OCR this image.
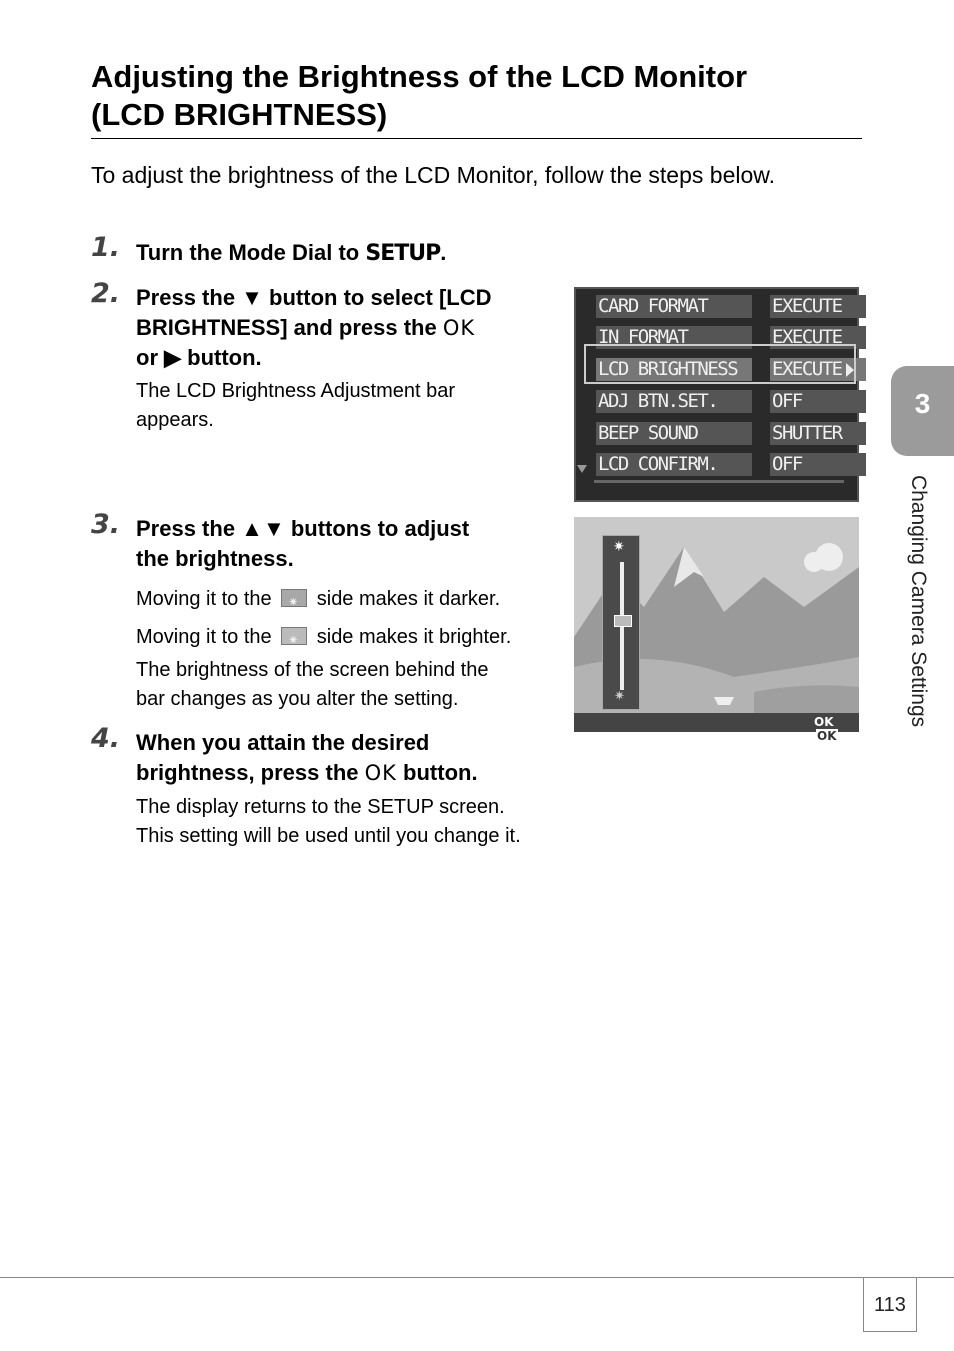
Adjusting the Brightness of the LCD Monitor
(LCD BRIGHTNESS)
To adjust the brightness of the LCD Monitor, follow the steps below.
1. Turn the Mode Dial to SETUP.
2. Press the ▼ button to select [LCD
BRIGHTNESS] and press the OK
or ▶ button.
The LCD Brightness Adjustment bar
appears.
CARD FORMAT	EXECUTE
IN FORMAT	EXECUTE
LCD BRIGHTNESS	EXECUTE
ADJ BTN.SET.	OFF
BEEP SOUND	SHUTTER
LCD CONFIRM.	OFF
3. Press the ▲▼ buttons to adjust
the brightness.
Moving it to the ✷ side makes it darker.
Moving it to the ✷ side makes it brighter.
The brightness of the screen behind the
bar changes as you alter the setting.
✷
✷
OK OK
4. When you attain the desired
brightness, press the OK button.
The display returns to the SETUP screen.
This setting will be used until you change it.
3
Changing Camera Settings
113
